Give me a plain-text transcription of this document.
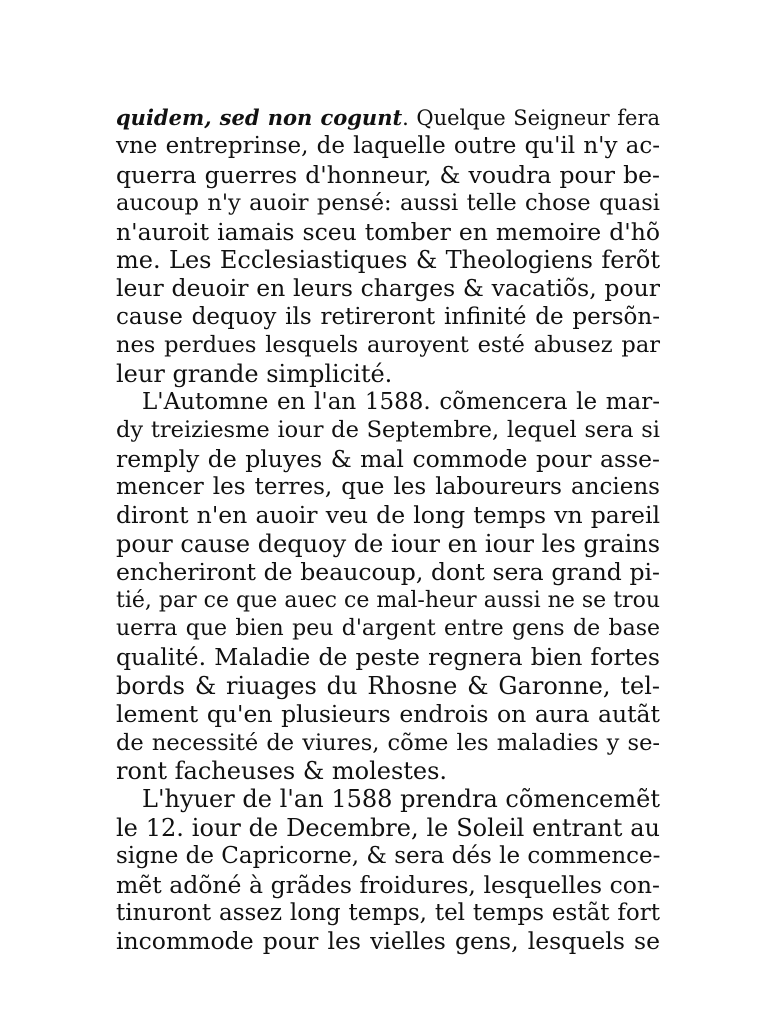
quidem, sed non cogunt. Quelque Seigneur fera
vne entreprinse, de laquelle outre qu'il n'y ac-
querra guerres d'honneur, & voudra pour be-
aucoup n'y auoir pensé: aussi telle chose quasi
n'auroit iamais sceu tomber en memoire d'hõ
me. Les Ecclesiastiques & Theologiens ferõt
leur deuoir en leurs charges & vacatiõs, pour
cause dequoy ils retireront infinité de persõn-
nes perdues lesquels auroyent esté abusez par
leur grande simplicité.
L'Automne en l'an 1588. cõmencera le mar-
dy treiziesme iour de Septembre, lequel sera si
remply de pluyes & mal commode pour asse-
mencer les terres, que les laboureurs anciens
diront n'en auoir veu de long temps vn pareil
pour cause dequoy de iour en iour les grains
encheriront de beaucoup, dont sera grand pi-
tié, par ce que auec ce mal-heur aussi ne se trou
uerra que bien peu d'argent entre gens de base
qualité. Maladie de peste regnera bien fortes
bords & riuages du Rhosne & Garonne, tel-
lement qu'en plusieurs endrois on aura autãt
de necessité de viures, cõme les maladies y se-
ront facheuses & molestes.
L'hyuer de l'an 1588 prendra cõmencemẽt
le 12. iour de Decembre, le Soleil entrant au
signe de Capricorne, & sera dés le commence-
mẽt adõné à grãdes froidures, lesquelles con-
tinuront assez long temps, tel temps estãt fort
incommode pour les vielles gens, lesquels se
